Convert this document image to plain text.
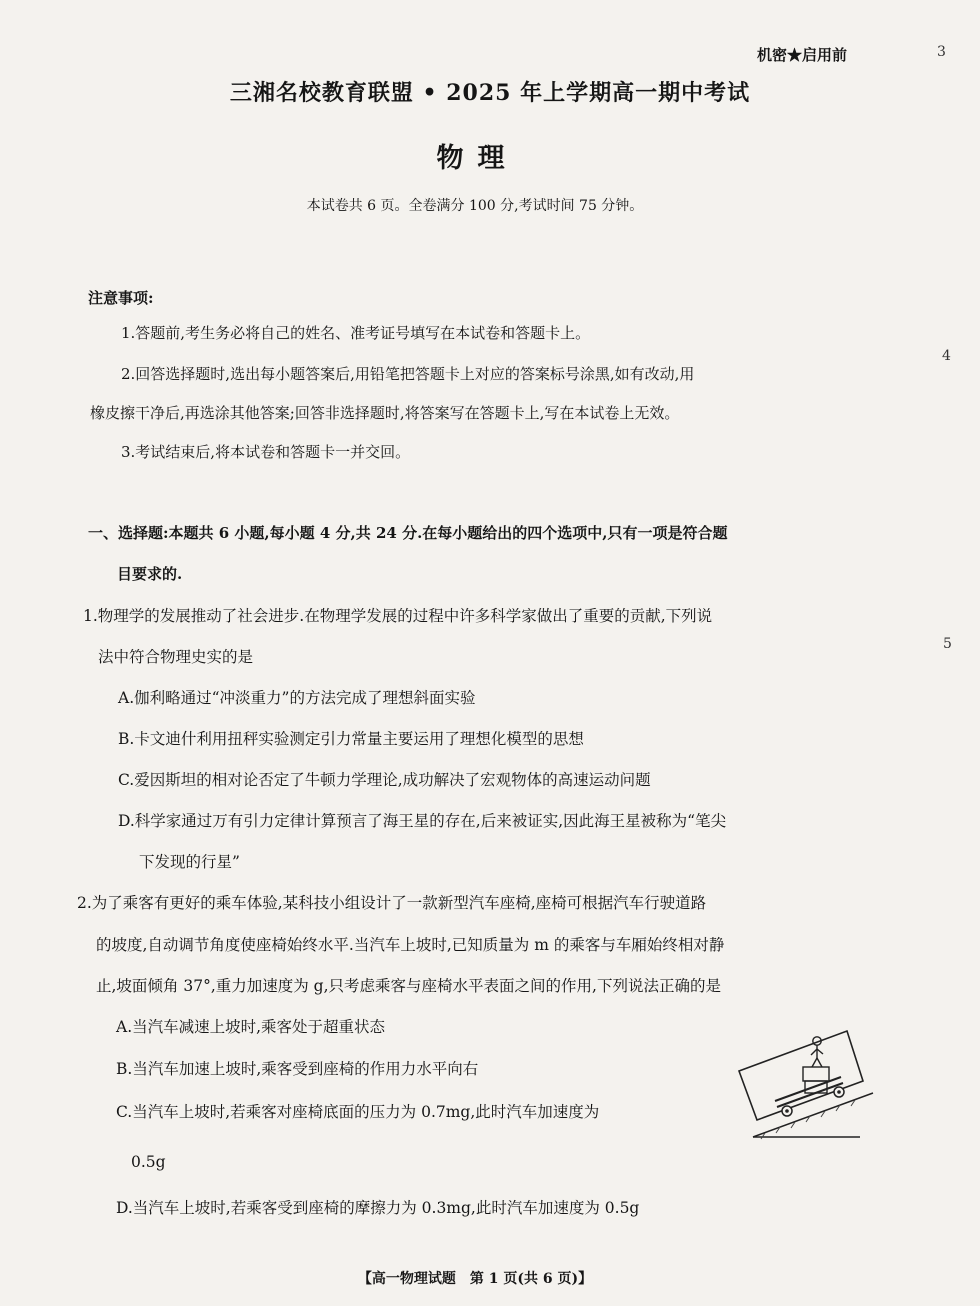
机密★启用前	3
4
5
三湘名校教育联盟 • 2025 年上学期高一期中考试
物理
本试卷共 6 页。全卷满分 100 分,考试时间 75 分钟。
注意事项:
1.答题前,考生务必将自己的姓名、准考证号填写在本试卷和答题卡上。
2.回答选择题时,选出每小题答案后,用铅笔把答题卡上对应的答案标号涂黑,如有改动,用
橡皮擦干净后,再选涂其他答案;回答非选择题时,将答案写在答题卡上,写在本试卷上无效。
3.考试结束后,将本试卷和答题卡一并交回。
一、选择题:本题共 6 小题,每小题 4 分,共 24 分.在每小题给出的四个选项中,只有一项是符合题
目要求的.
1.物理学的发展推动了社会进步.在物理学发展的过程中许多科学家做出了重要的贡献,下列说
法中符合物理史实的是
A.伽利略通过“冲淡重力”的方法完成了理想斜面实验
B.卡文迪什利用扭秤实验测定引力常量主要运用了理想化模型的思想
C.爱因斯坦的相对论否定了牛顿力学理论,成功解决了宏观物体的高速运动问题
D.科学家通过万有引力定律计算预言了海王星的存在,后来被证实,因此海王星被称为“笔尖
下发现的行星”
2.为了乘客有更好的乘车体验,某科技小组设计了一款新型汽车座椅,座椅可根据汽车行驶道路
的坡度,自动调节角度使座椅始终水平.当汽车上坡时,已知质量为 m 的乘客与车厢始终相对静
止,坡面倾角 37°,重力加速度为 g,只考虑乘客与座椅水平表面之间的作用,下列说法正确的是
A.当汽车减速上坡时,乘客处于超重状态
B.当汽车加速上坡时,乘客受到座椅的作用力水平向右
C.当汽车上坡时,若乘客对座椅底面的压力为 0.7mg,此时汽车加速度为
0.5g
D.当汽车上坡时,若乘客受到座椅的摩擦力为 0.3mg,此时汽车加速度为 0.5g
【高一物理试题　第 1 页(共 6 页)】
